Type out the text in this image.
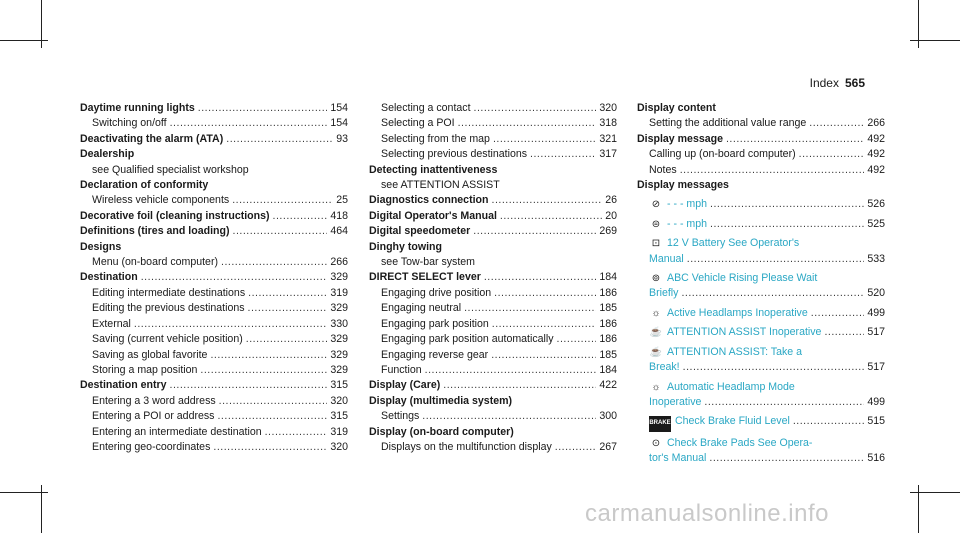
Index 565
Daytime running lights .....	154
Switching on/off .....	154
Deactivating the alarm (ATA) .....	93
Dealership
see Qualified specialist workshop
Declaration of conformity
Wireless vehicle components .....	25
Decorative foil (cleaning instructions) .....	418
Definitions (tires and loading) .....	464
Designs
Menu (on-board computer) .....	266
Destination .....	329
Editing intermediate destinations .....	319
Editing the previous destinations .....	329
External .....	330
Saving (current vehicle position) .....	329
Saving as global favorite .....	329
Storing a map position .....	329
Destination entry .....	315
Entering a 3 word address .....	320
Entering a POI or address .....	315
Entering an intermediate destination .....	319
Entering geo-coordinates .....	320
Selecting a contact .....	320
Selecting a POI .....	318
Selecting from the map .....	321
Selecting previous destinations .....	317
Detecting inattentiveness
see ATTENTION ASSIST
Diagnostics connection .....	26
Digital Operator's Manual .....	20
Digital speedometer .....	269
Dinghy towing
see Tow-bar system
DIRECT SELECT lever .....	184
Engaging drive position .....	186
Engaging neutral .....	185
Engaging park position .....	186
Engaging park position automatically .....	186
Engaging reverse gear .....	185
Function .....	184
Display (Care) .....	422
Display (multimedia system)
Settings .....	300
Display (on-board computer)
Displays on the multifunction display .....	267
Display content
Setting the additional value range .....	266
Display message .....	492
Calling up (on-board computer) .....	492
Notes .....	492
Display messages
⊘ - - - mph .....	526
⊜ - - - mph .....	525
⊡ 12 V Battery See Operator's
Manual .....	533
⊚ ABC Vehicle Rising Please Wait
Briefly .....	520
☼ Active Headlamps Inoperative .....	499
☕ ATTENTION ASSIST Inoperative .....	517
☕ ATTENTION ASSIST: Take a
Break! .....	517
☼ Automatic Headlamp Mode
Inoperative .....	499
BRAKE Check Brake Fluid Level .....	515
⊙ Check Brake Pads See Opera-
tor's Manual .....	516
carmanualsonline.info
